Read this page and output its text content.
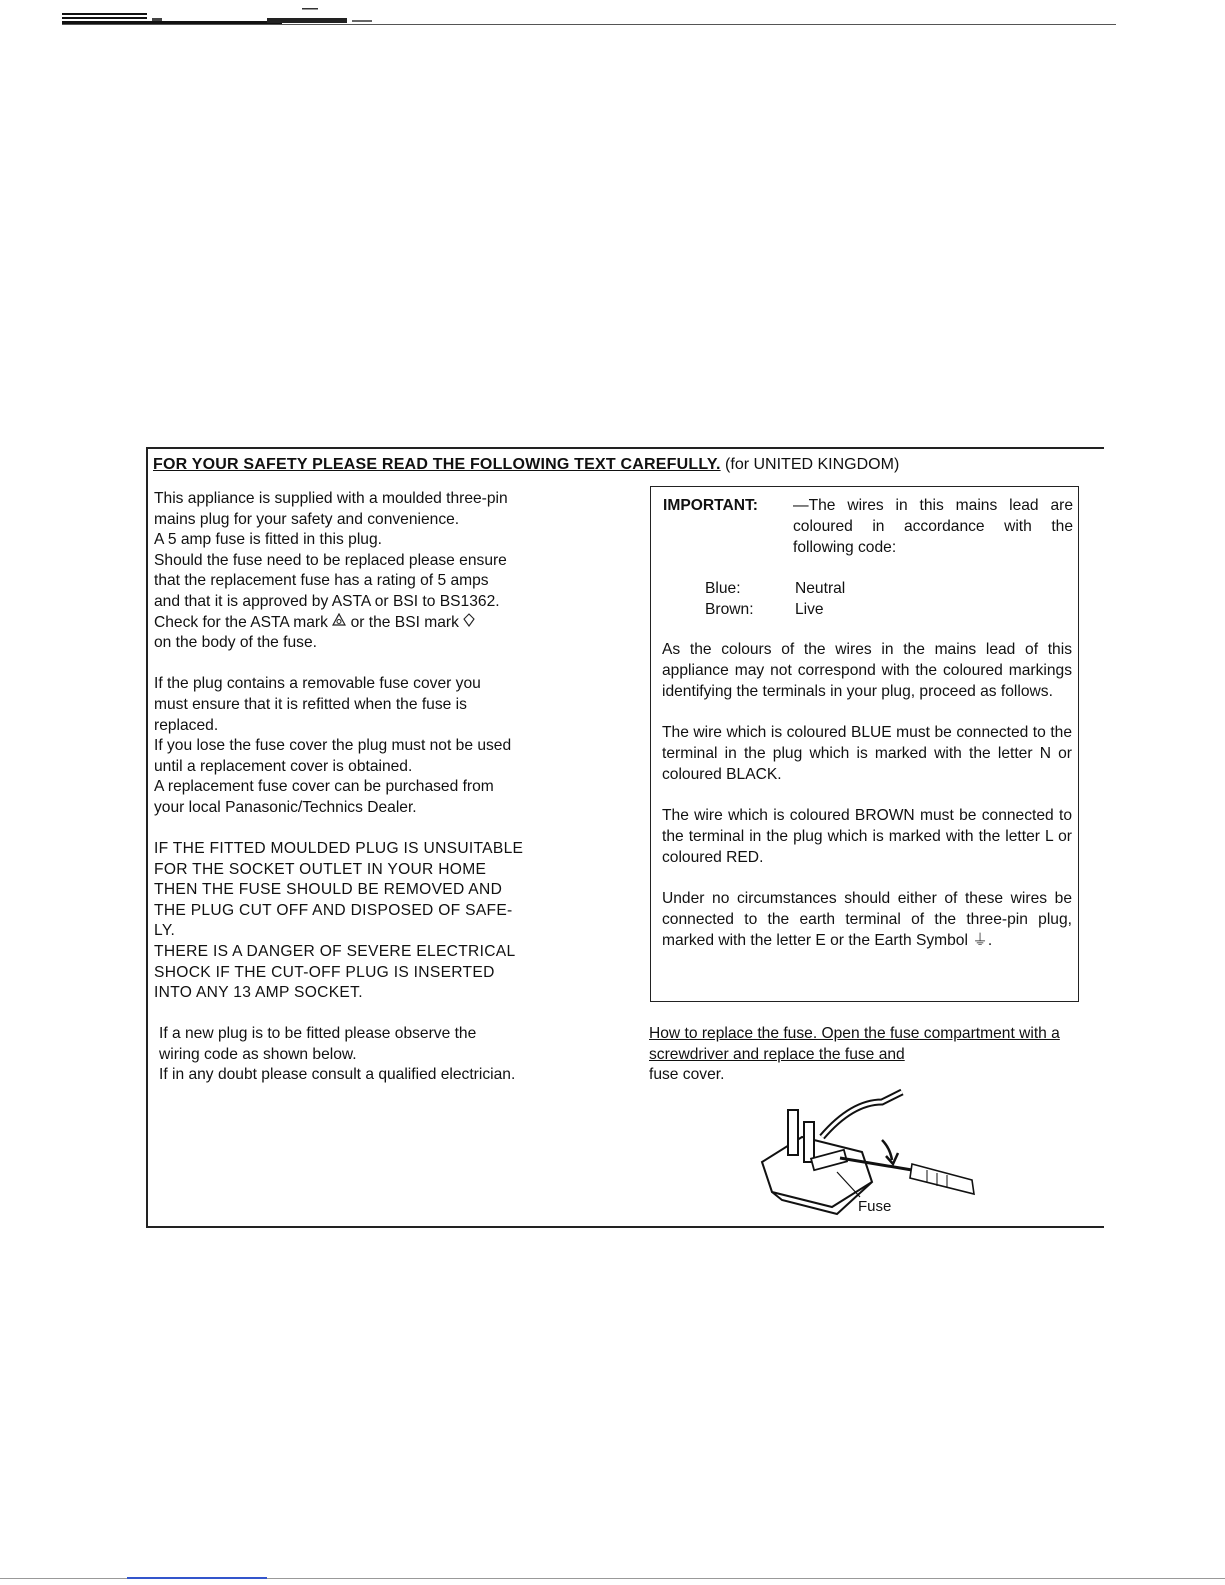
FOR YOUR SAFETY PLEASE READ THE FOLLOWING TEXT CAREFULLY. (for UNITED KINGDOM)

This appliance is supplied with a moulded three-pin

mains plug for your safety and convenience.

A 5 amp fuse is fitted in this plug.

Should the fuse need to be replaced please ensure

that the replacement fuse has a rating of 5 amps

and that it is approved by ASTA or BSI to BS1362.

Check for the ASTA mark  or the BSI mark

on the body of the fuse.

If the plug contains a removable fuse cover you

must ensure that it is refitted when the fuse is

replaced.

If you lose the fuse cover the plug must not be used

until a replacement cover is obtained.

A replacement fuse cover can be purchased from

your local Panasonic/Technics Dealer.

IF THE FITTED MOULDED PLUG IS UNSUITABLE

FOR THE SOCKET OUTLET IN YOUR HOME

THEN THE FUSE SHOULD BE REMOVED AND

THE PLUG CUT OFF AND DISPOSED OF SAFE-

LY.

THERE IS A DANGER OF SEVERE ELECTRICAL

SHOCK IF THE CUT-OFF PLUG IS INSERTED

INTO ANY 13 AMP SOCKET.

IMPORTANT: —The wires in this mains lead are coloured in accordance with the following code:
Blue:	Neutral
Brown:	Live

As the colours of the wires in the mains lead of this appliance may not correspond with the coloured markings identifying the terminals in your plug, proceed as follows.

The wire which is coloured BLUE must be connected to the terminal in the plug which is marked with the letter N or coloured BLACK.

The wire which is coloured BROWN must be connected to the terminal in the plug which is marked with the letter L or coloured RED.

Under no circumstances should either of these wires be connected to the earth terminal of the three-pin plug, marked with the letter E or the Earth Symbol ⏚.

If a new plug is to be fitted please observe the

wiring code as shown below.

If in any doubt please consult a qualified electrician.

How to replace the fuse. Open the fuse compartment with a screwdriver and replace the fuse and
fuse cover.
Fuse
